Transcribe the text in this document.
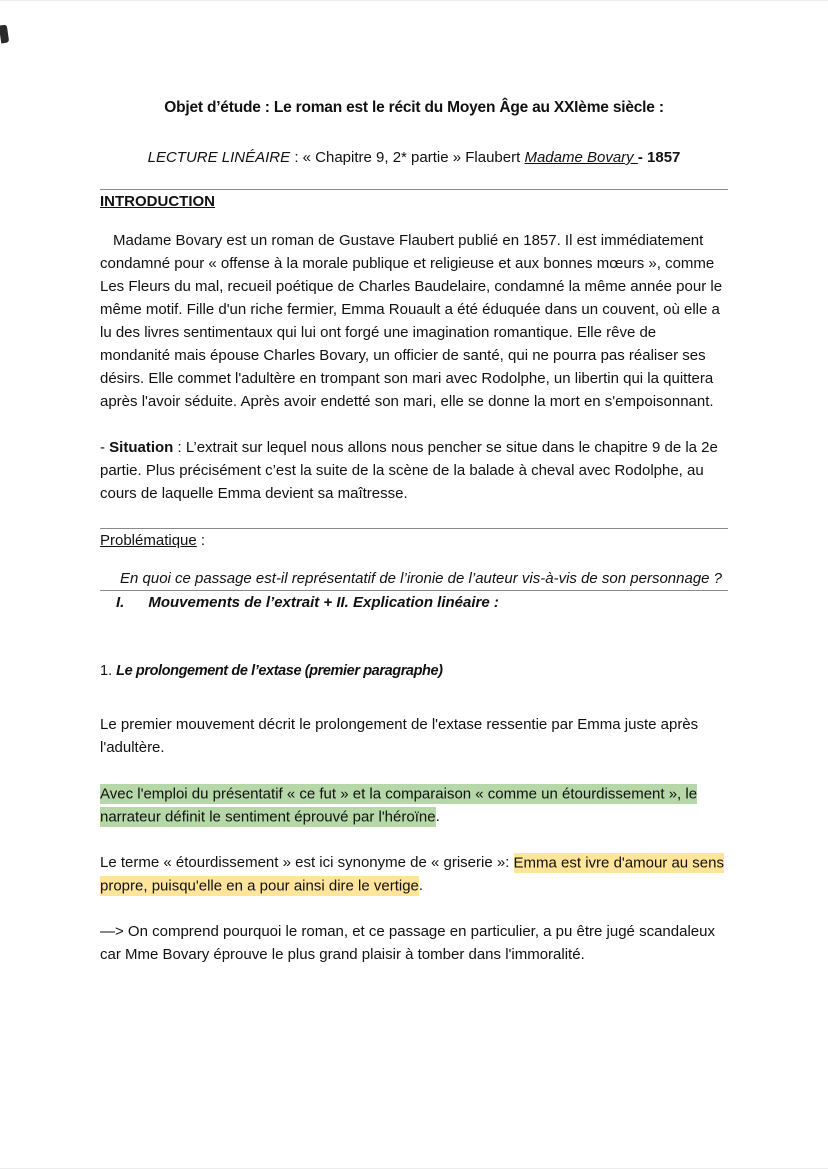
Objet d’étude : Le roman est le récit du Moyen Âge au XXIème siècle :

LECTURE LINÉAIRE : « Chapitre 9, 2* partie » Flaubert Madame Bovary - 1857

INTRODUCTION

Madame Bovary est un roman de Gustave Flaubert publié en 1857. Il est immédiatement condamné pour « offense à la morale publique et religieuse et aux bonnes mœurs », comme Les Fleurs du mal, recueil poétique de Charles Baudelaire, condamné la même année pour le même motif. Fille d'un riche fermier, Emma Rouault a été éduquée dans un couvent, où elle a lu des livres sentimentaux qui lui ont forgé une imagination romantique. Elle rêve de mondanité mais épouse Charles Bovary, un officier de santé, qui ne pourra pas réaliser ses désirs. Elle commet l'adultère en trompant son mari avec Rodolphe, un libertin qui la quittera après l'avoir séduite. Après avoir endetté son mari, elle se donne la mort en s'empoisonnant.

- Situation : L’extrait sur lequel nous allons nous pencher se situe dans le chapitre 9 de la 2e partie. Plus précisément c’est la suite de la scène de la balade à cheval avec Rodolphe, au cours de laquelle Emma devient sa maîtresse.

Problématique :

En quoi ce passage est-il représentatif de l’ironie de l’auteur vis-à-vis de son personnage ?

I. Mouvements de l’extrait + II. Explication linéaire :

1. Le prolongement de l’extase (premier paragraphe)

Le premier mouvement décrit le prolongement de l'extase ressentie par Emma juste après l'adultère.

Avec l'emploi du présentatif « ce fut » et la comparaison « comme un étourdissement », le narrateur définit le sentiment éprouvé par l'héroïne.

Le terme « étourdissement » est ici synonyme de « griserie »: Emma est ivre d'amour au sens propre, puisqu'elle en a pour ainsi dire le vertige.

—> On comprend pourquoi le roman, et ce passage en particulier, a pu être jugé scandaleux car Mme Bovary éprouve le plus grand plaisir à tomber dans l'immoralité.
